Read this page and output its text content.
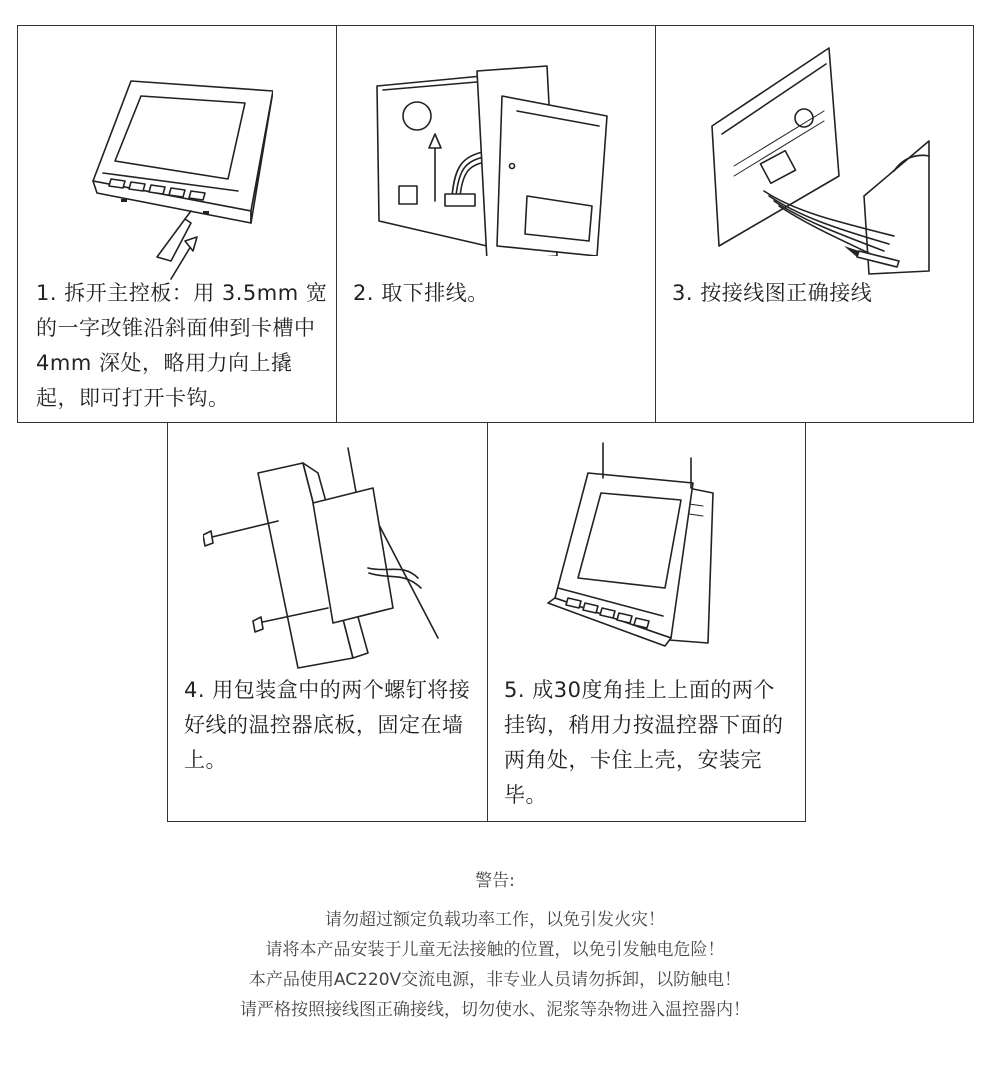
1. 拆开主控板：用 3.5mm 宽的一字改锥沿斜面伸到卡槽中 4mm 深处，略用力向上撬起，即可打开卡钩。
2. 取下排线。	3. 按接线图正确接线
4. 用包装盒中的两个螺钉将接好线的温控器底板，固定在墙上。
5. 成30度角挂上上面的两个挂钩，稍用力按温控器下面的两角处，卡住上壳，安装完毕。
警告:
请勿超过额定负载功率工作，以免引发火灾！
请将本产品安装于儿童无法接触的位置，以免引发触电危险！
本产品使用AC220V交流电源，非专业人员请勿拆卸，以防触电！
请严格按照接线图正确接线，切勿使水、泥浆等杂物进入温控器内！
